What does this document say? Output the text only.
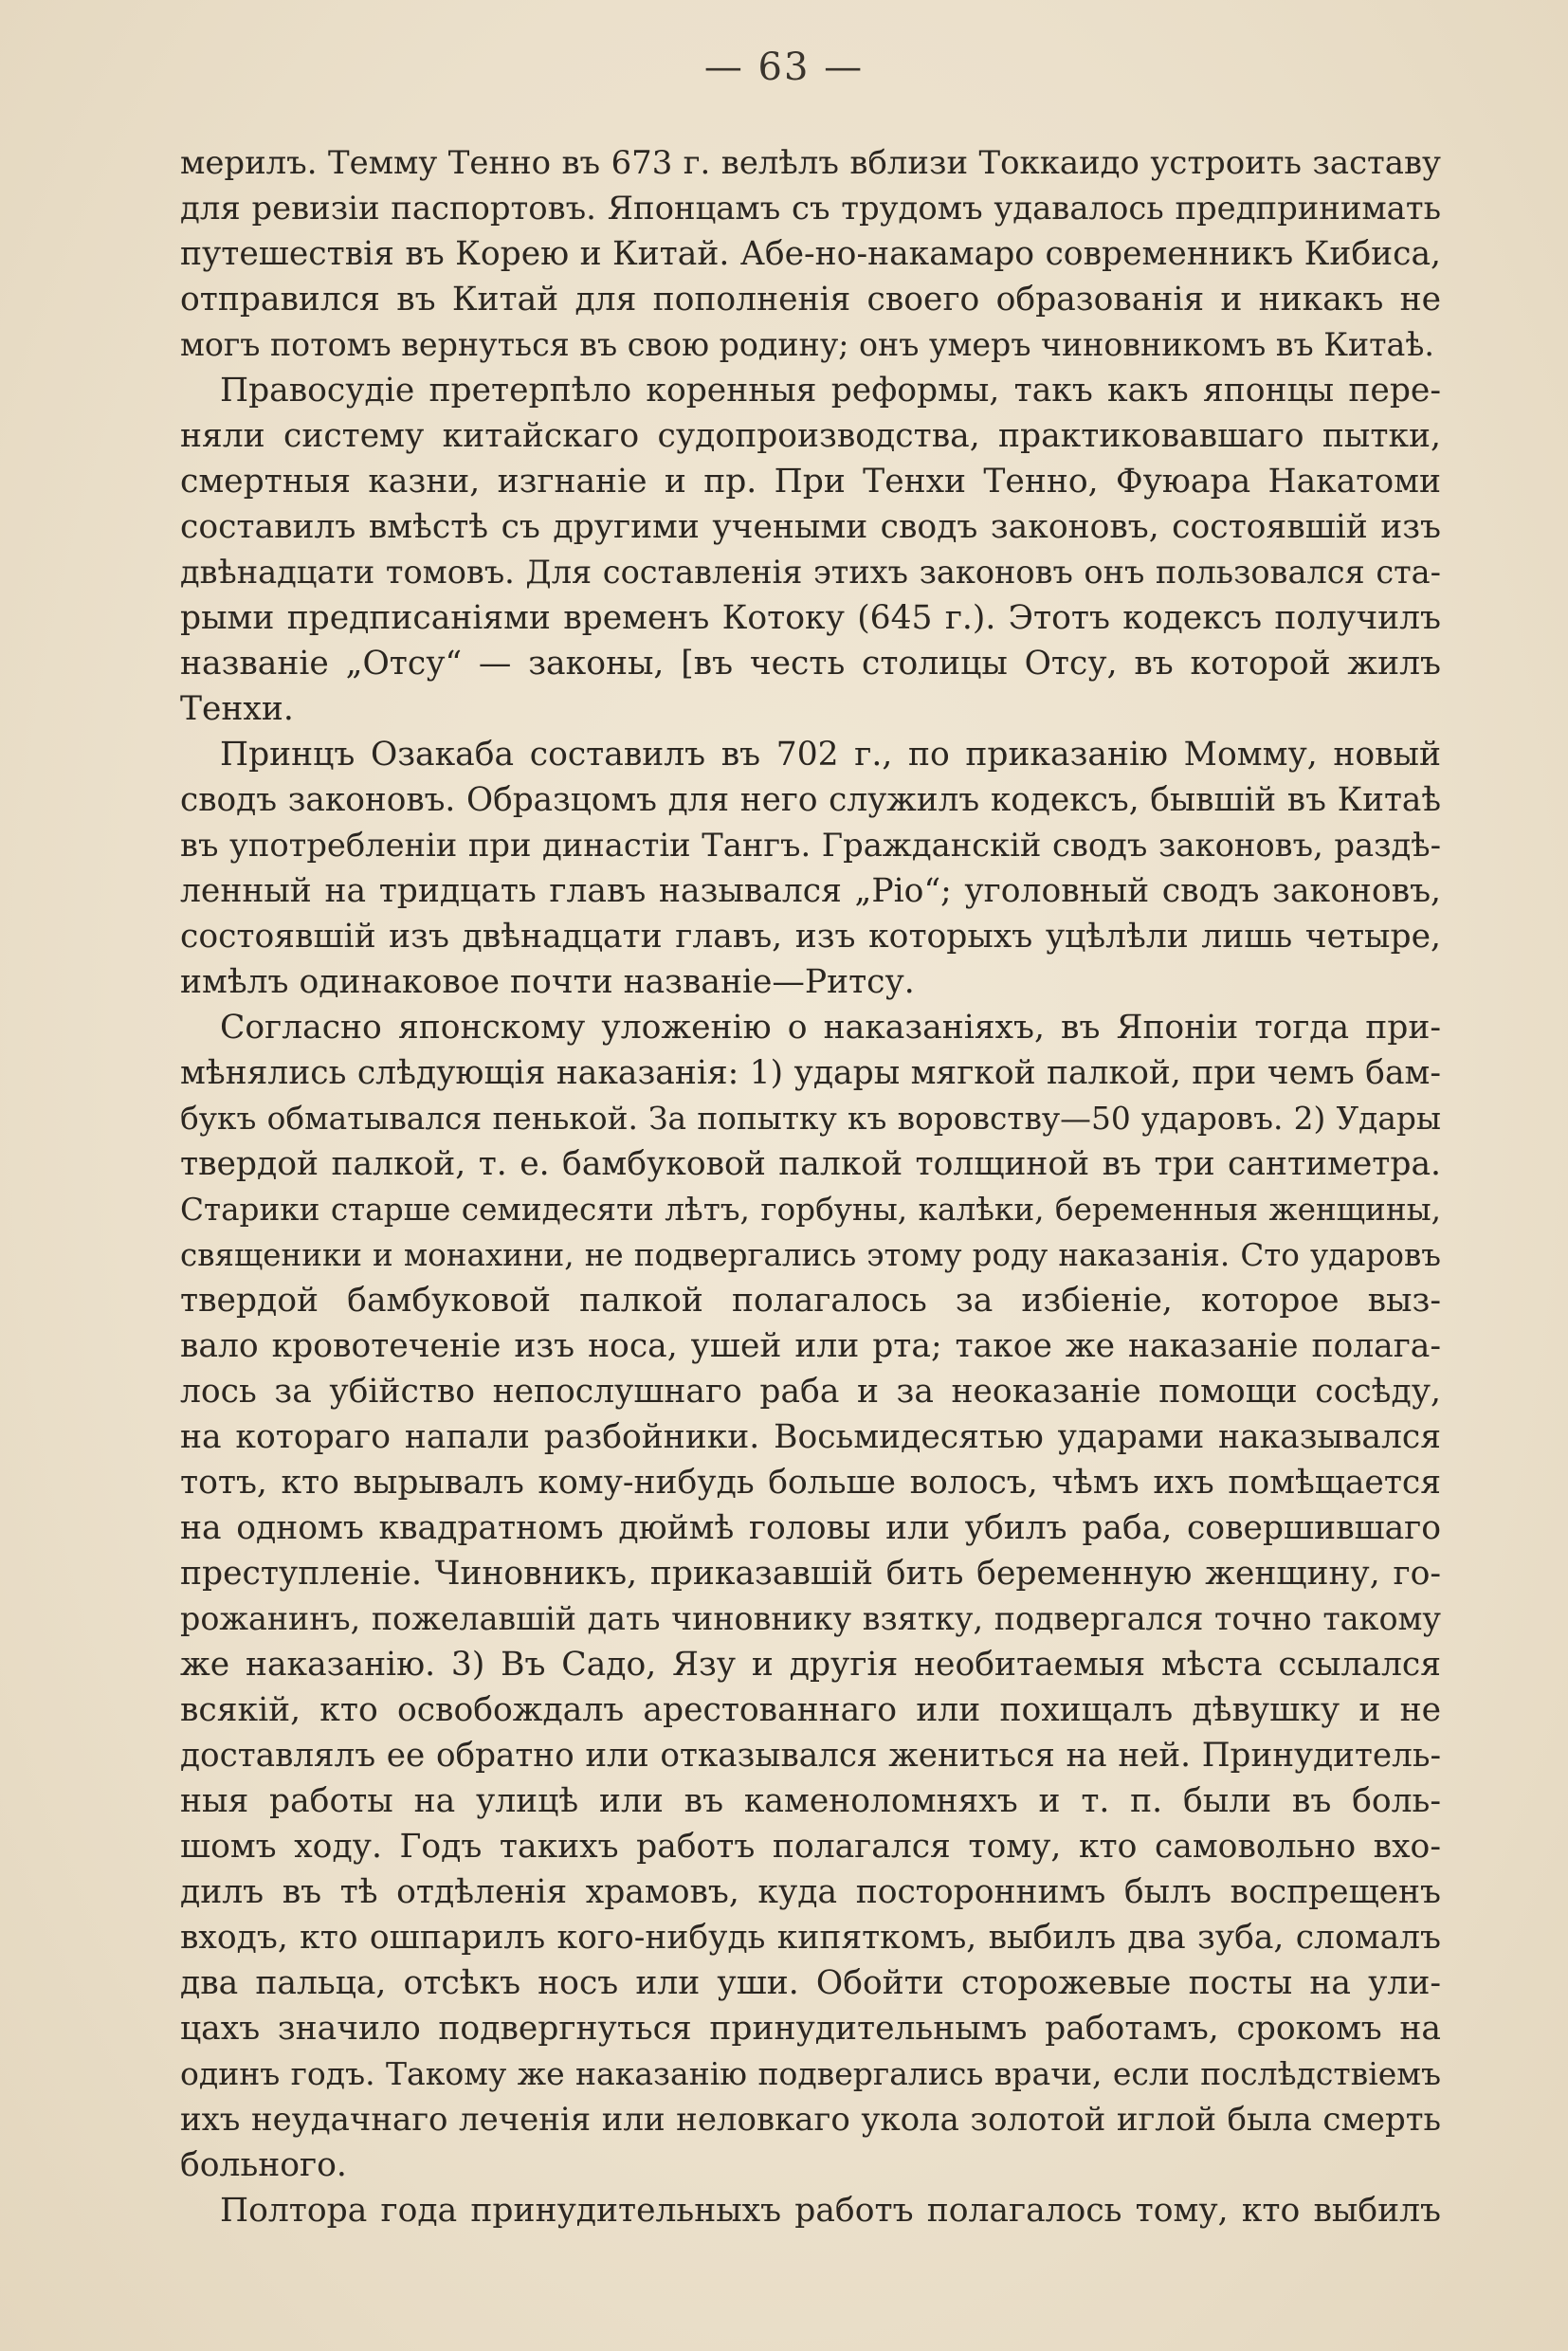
— 63 —
мерилъ. Темму Тенно въ 673 г. велѣлъ вблизи Токкаидо устроить заставу
для ревизіи паспортовъ. Японцамъ съ трудомъ удавалось предпринимать
путешествія въ Корею и Китай. Абе-но-накамаро современникъ Кибиса,
отправился въ Китай для пополненія своего образованія и никакъ не
могъ потомъ вернуться въ свою родину; онъ умеръ чиновникомъ въ Китаѣ.
Правосудіе претерпѣло коренныя реформы, такъ какъ японцы пере-
няли систему китайскаго судопроизводства, практиковавшаго пытки,
смертныя казни, изгнаніе и пр. При Тенхи Тенно, Фуюара Накатоми
составилъ вмѣстѣ съ другими учеными сводъ законовъ, состоявшій изъ
двѣнадцати томовъ. Для составленія этихъ законовъ онъ пользовался ста-
рыми предписаніями временъ Котоку (645 г.). Этотъ кодексъ получилъ
названіе „Отсу“ — законы, [въ честь столицы Отсу, въ которой жилъ
Тенхи.
Принцъ Озакаба составилъ въ 702 г., по приказанію Момму, новый
сводъ законовъ. Образцомъ для него служилъ кодексъ, бывшій въ Китаѣ
въ употребленіи при династіи Тангъ. Гражданскій сводъ законовъ, раздѣ-
ленный на тридцать главъ назывался „Ріо“; уголовный сводъ законовъ,
состоявшій изъ двѣнадцати главъ, изъ которыхъ уцѣлѣли лишь четыре,
имѣлъ одинаковое почти названіе—Ритсу.
Согласно японскому уложенію о наказаніяхъ, въ Японіи тогда при-
мѣнялись слѣдующія наказанія: 1) удары мягкой палкой, при чемъ бам-
букъ обматывался пенькой. За попытку къ воровству—50 ударовъ. 2) Удары
твердой палкой, т. е. бамбуковой палкой толщиной въ три сантиметра.
Старики старше семидесяти лѣтъ, горбуны, калѣки, беременныя женщины,
священики и монахини, не подвергались этому роду наказанія. Сто ударовъ
твердой бамбуковой палкой полагалось за избіеніе, которое выз-
вало кровотеченіе изъ носа, ушей или рта; такое же наказаніе полага-
лось за убійство непослушнаго раба и за неоказаніе помощи сосѣду,
на котораго напали разбойники. Восьмидесятью ударами наказывался
тотъ, кто вырывалъ кому-нибудь больше волосъ, чѣмъ ихъ помѣщается
на одномъ квадратномъ дюймѣ головы или убилъ раба, совершившаго
преступленіе. Чиновникъ, приказавшій бить беременную женщину, го-
рожанинъ, пожелавшій дать чиновнику взятку, подвергался точно такому
же наказанію. 3) Въ Садо, Язу и другія необитаемыя мѣста ссылался
всякій, кто освобождалъ арестованнаго или похищалъ дѣвушку и не
доставлялъ ее обратно или отказывался жениться на ней. Принудитель-
ныя работы на улицѣ или въ каменоломняхъ и т. п. были въ боль-
шомъ ходу. Годъ такихъ работъ полагался тому, кто самовольно вхо-
дилъ въ тѣ отдѣленія храмовъ, куда постороннимъ былъ воспрещенъ
входъ, кто ошпарилъ кого-нибудь кипяткомъ, выбилъ два зуба, сломалъ
два пальца, отсѣкъ носъ или уши. Обойти сторожевые посты на ули-
цахъ значило подвергнуться принудительнымъ работамъ, срокомъ на
одинъ годъ. Такому же наказанію подвергались врачи, если послѣдствіемъ
ихъ неудачнаго леченія или неловкаго укола золотой иглой была смерть
больного.
Полтора года принудительныхъ работъ полагалось тому, кто выбилъ
